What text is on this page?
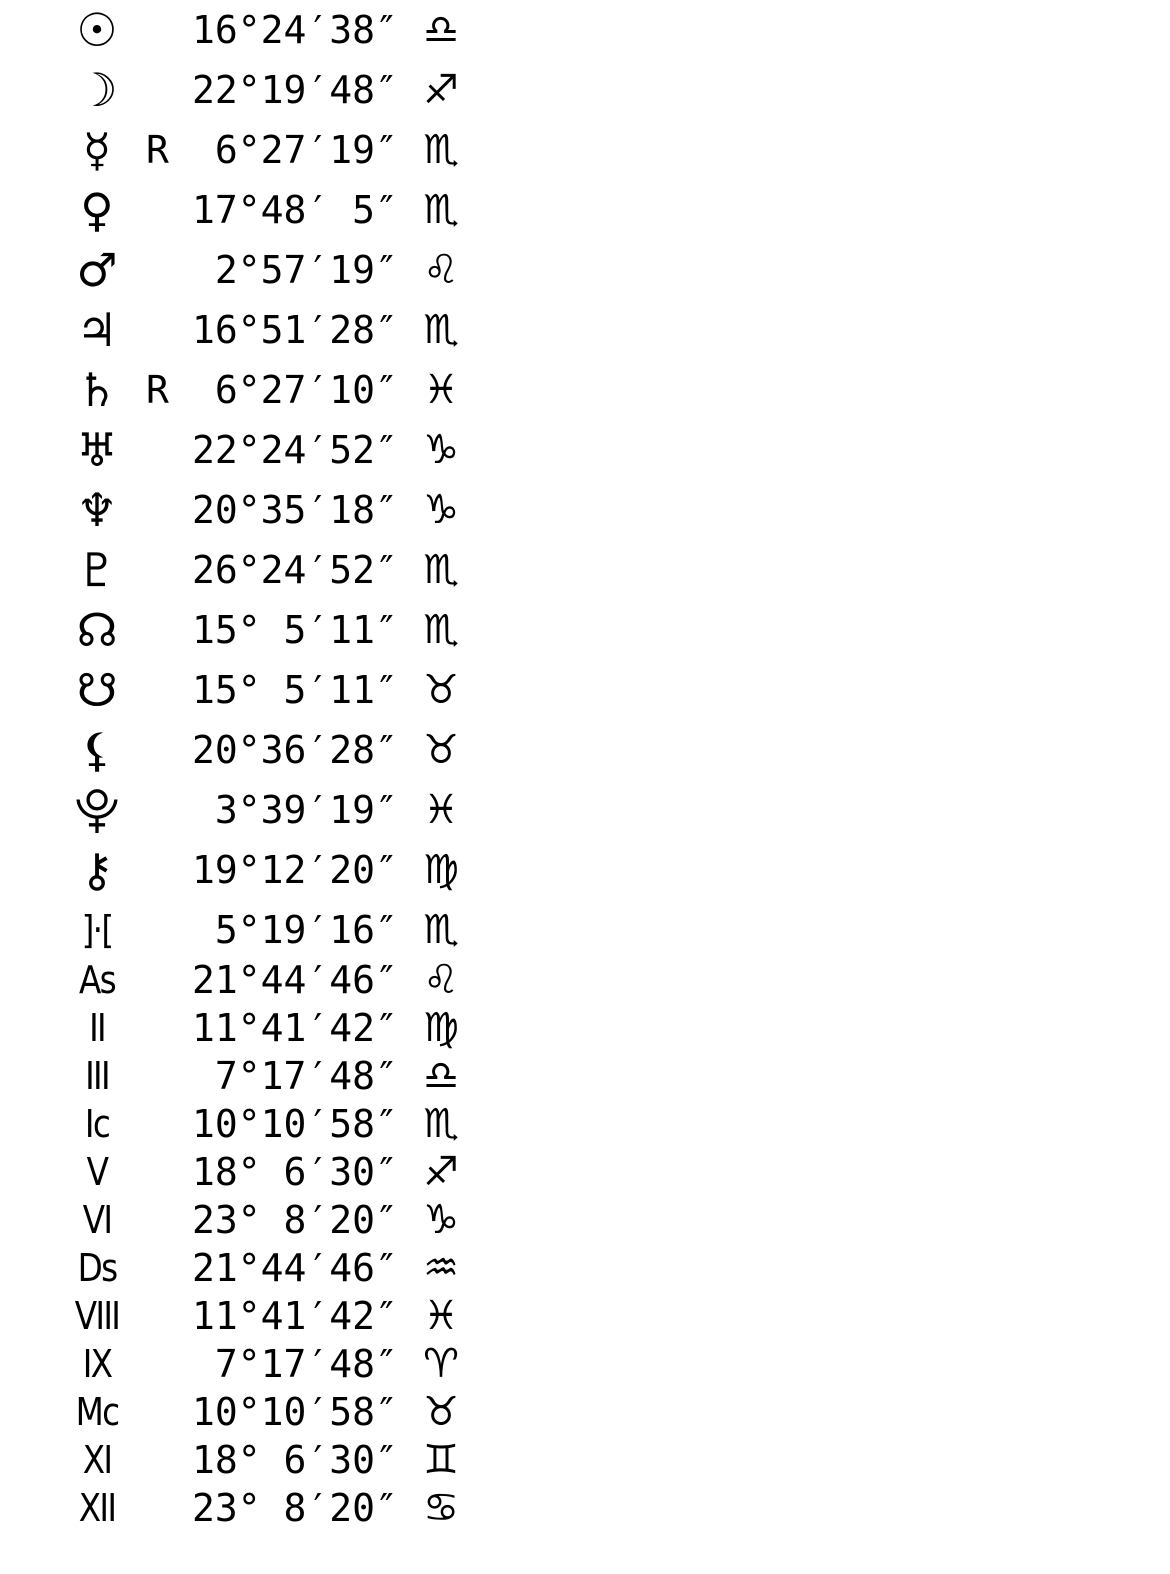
☉ 16°24′38″ ♎
☽ 22°19′48″ ♐
☿ R 6°27′19″ ♏
♀	17°48′ 5″ ♏
♂ 2°57′19″ ♌
♃ 16°51′28″ ♏
♄ R 6°27′10″ ♓
♅ 22°24′52″ ♑
♆ 20°35′18″ ♑
♇ 26°24′52″ ♏
☊ 15° 5′11″ ♏
☋ 15° 5′11″ ♉
⚸	20°36′28″ ♉
⯓ 3°39′19″ ♓
⚷	19°12′20″ ♍
]·[ 5°19′16″ ♏
As 21°44′46″ ♌
II	11°41′42″ ♍
III	7°17′48″ ♎
Ic	10°10′58″ ♏
V	18° 6′30″ ♐
VI	23° 8′20″ ♑
Ds 21°44′46″ ♒
VIII 11°41′42″ ♓
IX	7°17′48″ ♈
Mc 10°10′58″ ♉
XI	18° 6′30″ ♊
XII 23° 8′20″ ♋
